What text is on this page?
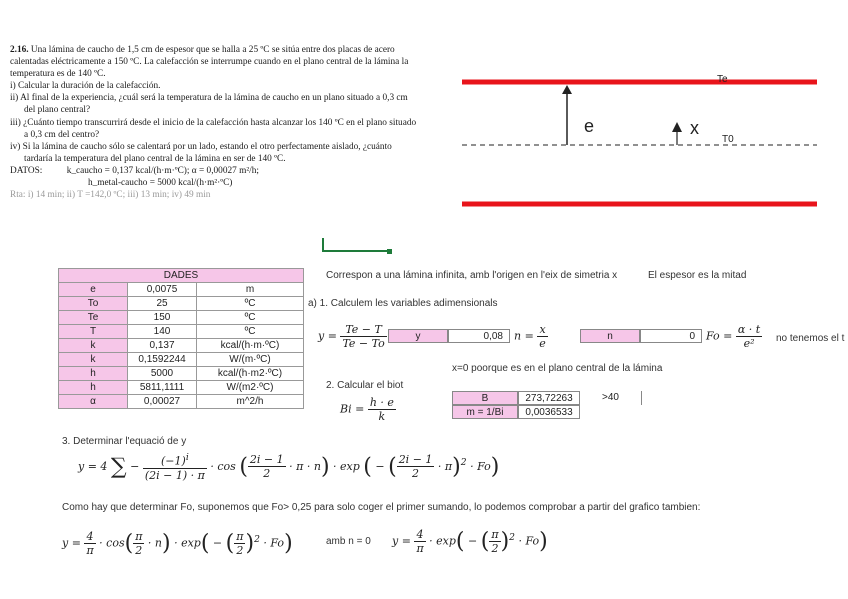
2.16. Una lámina de caucho de 1,5 cm de espesor que se halla a 25 ºC se sitúa entre dos placas de acero calentadas eléctricamente a 150 ºC. La calefacción se interrumpe cuando en el plano central de la lámina la temperatura es de 140 ºC.

i) Calcular la duración de la calefacción.

ii) Al final de la experiencia, ¿cuál será la temperatura de la lámina de caucho en un plano situado a 0,3 cm del plano central?

iii) ¿Cuánto tiempo transcurrirá desde el inicio de la calefacción hasta alcanzar los 140 ºC en el plano situado a 0,3 cm del centro?

iv) Si la lámina de caucho sólo se calentará por un lado, estando el otro perfectamente aislado, ¿cuánto tardaría la temperatura del plano central de la lámina en ser de 140 ºC.

DATOS:	k_caucho = 0,137 kcal/(h·m·ºC); α = 0,00027 m²/h;

h_metal-caucho = 5000 kcal/(h·m²·ºC)

Rta: i) 14 min; ii) T =142,0 ºC; iii) 13 min; iv) 49 min

Te
e	x
T0
DADES		
e	0,0075	m
To	25	ºC
Te	150	ºC
T	140	ºC
k	0,137	kcal/(h·m·ºC)
k	0,1592244	W/(m·ºC)
h	5000	kcal/(h·m2·ºC)
h	5811,1111	W/(m2·ºC)
α	0,00027	m^2/h
Correspon a una lámina infinita, amb l'origen en l'eix de simetria x	El espesor es la mitad
a) 1. Calculem les variables adimensionals
$y = \frac{Te - T}{Te - To}$	y	0,08	$n = \frac{x}{e}$	n	0	$Fo = \frac{\alpha \cdot t}{\text{e²}}$ no tenemos el t
x=0 poorque es en el plano central de la lámina
2. Calcular el biot
$Bi = \frac{h \cdot e}{k}$	B	273,72263	>40
m = 1/Bi	0,0036533
3. Determinar l'equació de y
y = 4 ∑ − $\frac{(-1)^i}{(2i - 1) \cdot \pi} \cdot \cos$ ( $\frac{2i - 1}{2} \cdot \pi \cdot n) \cdot \exp$ ( − ( $\frac{2i - 1}{2} \cdot \pi)^2 \cdot Fo$)
Como hay que determinar Fo, suponemos que Fo> 0,25 para solo coger el primer sumando, lo podemos comprobar a partir del grafico tambien:
$y = \frac{4}{\pi} \cdot \cos( \frac{\pi}{2} \cdot n) \cdot \exp$( − ( $\frac{\pi}{2} )^2 \cdot Fo$)	amb n = 0 $y = \frac{4}{\pi} \cdot \exp$( − ( $\frac{\pi}{2} )^2 \cdot Fo$)
